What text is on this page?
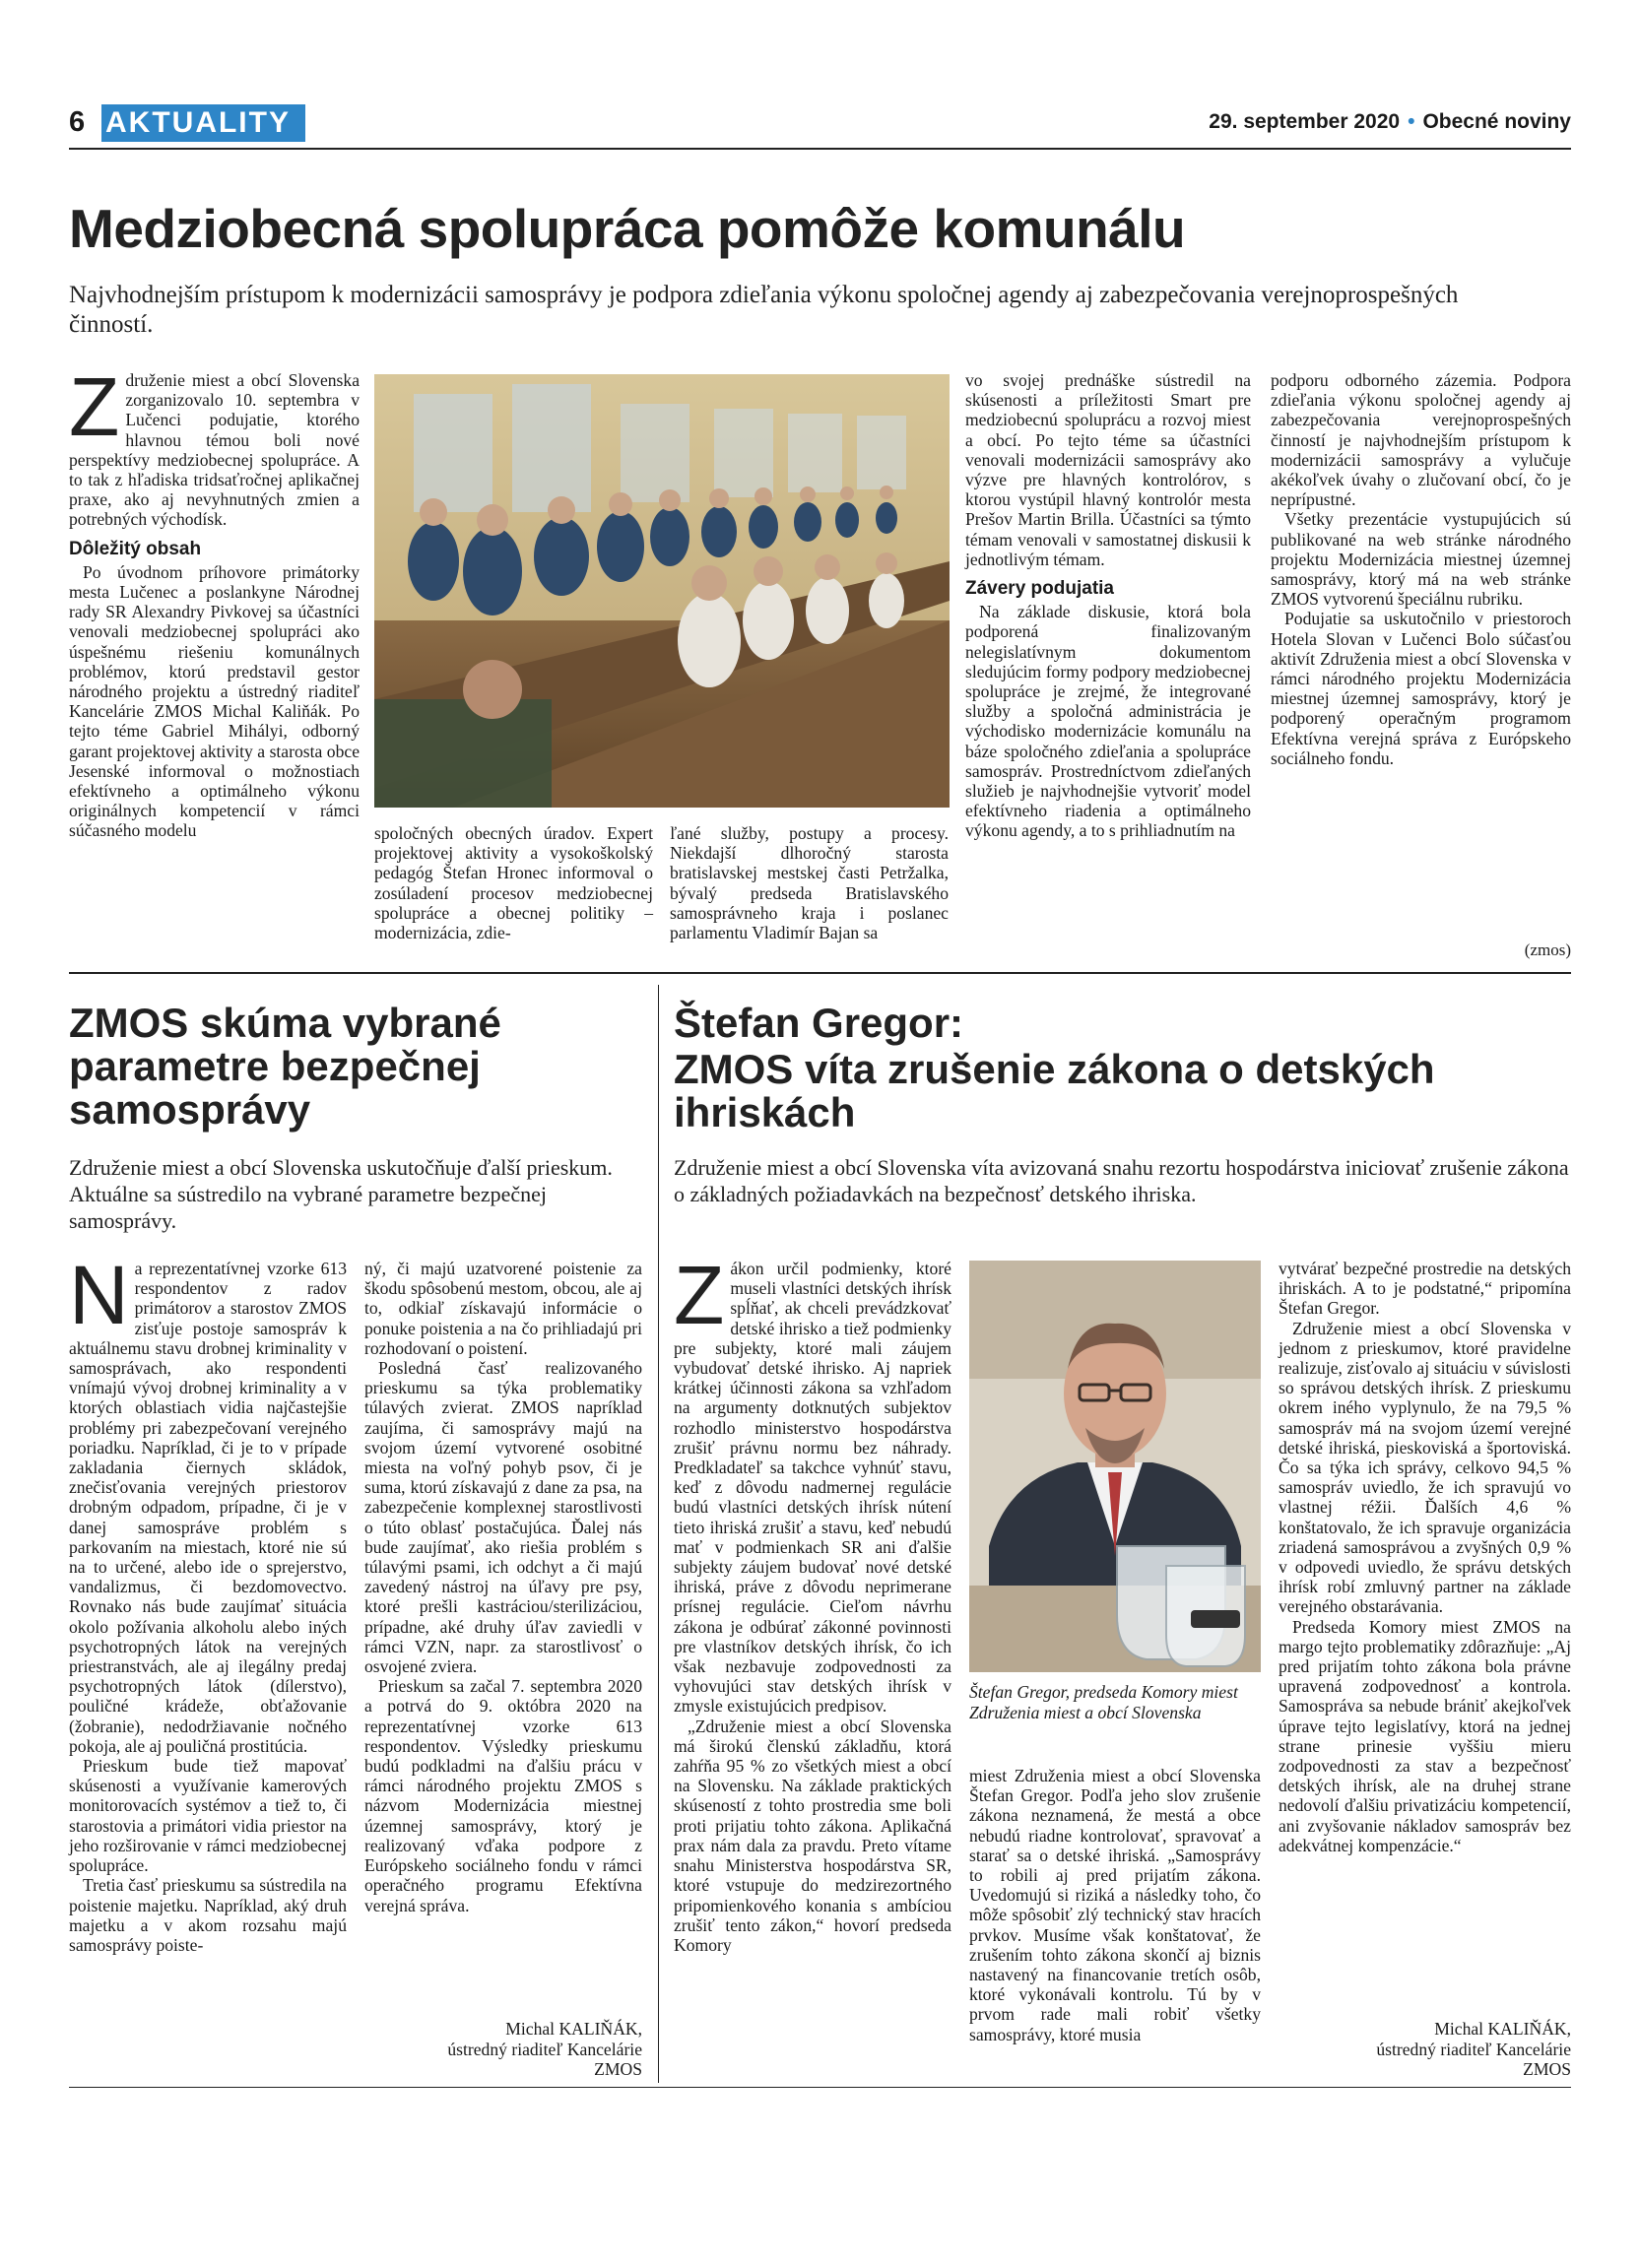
6 AKTUALITY	29. september 2020 • Obecné noviny
Medziobecná spolupráca pomôže komunálu
Najvhodnejším prístupom k modernizácii samosprávy je podpora zdieľania výkonu spoločnej agendy aj zabezpečovania verejnoprospešných činností.

Združenie miest a obcí Slovenska zorganizovalo 10. septembra v Lučenci podujatie, ktorého hlavnou témou boli nové perspektívy medziobecnej spolupráce. A to tak z hľadiska tridsaťročnej aplikačnej praxe, ako aj nevyhnutných zmien a potrebných východísk.

Dôležitý obsah

Po úvodnom príhovore primátorky mesta Lučenec a poslankyne Národnej rady SR Alexandry Pivkovej sa účastníci venovali medziobecnej spolupráci ako úspešnému riešeniu komunálnych problémov, ktorú predstavil gestor národného projektu a ústredný riaditeľ Kancelárie ZMOS Michal Kaliňák. Po tejto téme Gabriel Mihályi, odborný garant projektovej aktivity a starosta obce Jesenské informoval o možnostiach efektívneho a optimálneho výkonu originálnych kompetencií v rámci súčasného modelu	spoločných obecných úradov. Expert projektovej aktivity a vysokoškolský pedagóg Štefan Hronec informoval o zosúladení procesov medziobecnej spolupráce a obecnej politiky – modernizácia, zdie-

ľané služby, postupy a procesy. Niekdajší dlhoročný starosta bratislavskej mestskej časti Petržalka, bývalý predseda Bratislavského samosprávneho kraja i poslanec parlamentu Vladimír Bajan sa

vo svojej prednáške sústredil na skúsenosti a príležitosti Smart pre medziobecnú spoluprácu a rozvoj miest a obcí. Po tejto téme sa účastníci venovali modernizácii samosprávy ako výzve pre hlavných kontrolórov, s ktorou vystúpil hlavný kontrolór mesta Prešov Martin Brilla. Účastníci sa týmto témam venovali v samostatnej diskusii k jednotlivým témam.

Závery podujatia

Na základe diskusie, ktorá bola podporená finalizovaným nelegislatívnym dokumentom sledujúcim formy podpory medziobecnej spolupráce je zrejmé, že integrované služby a spoločná administrácia je východisko modernizácie komunálu na báze spoločného zdieľania a spolupráce samospráv. Prostredníctvom zdieľaných služieb je najvhodnejšie vytvoriť model efektívneho riadenia a optimálneho výkonu agendy, a to s prihliadnutím na

podporu odborného zázemia. Podpora zdieľania výkonu spoločnej agendy aj zabezpečovania verejnoprospešných činností je najvhodnejším prístupom k modernizácii samosprávy a vylučuje akékoľvek úvahy o zlučovaní obcí, čo je neprípustné.

Všetky prezentácie vystupujúcich sú publikované na web stránke národného projektu Modernizácia miestnej územnej samosprávy, ktorý má na web stránke ZMOS vytvorenú špeciálnu rubriku.

Podujatie sa uskutočnilo v priestoroch Hotela Slovan v Lučenci Bolo súčasťou aktivít Združenia miest a obcí Slovenska v rámci národného projektu Modernizácia miestnej územnej samosprávy, ktorý je podporený operačným programom Efektívna verejná správa z Európskeho sociálneho fondu.

(zmos)
ZMOS skúma vybrané parametre bezpečnej samosprávy
Združenie miest a obcí Slovenska uskutočňuje ďalší prieskum. Aktuálne sa sústredilo na vybrané parametre bezpečnej samosprávy.

Na reprezentatívnej vzorke 613 respondentov z radov primátorov a starostov ZMOS zisťuje postoje samospráv k aktuálnemu stavu drobnej kriminality v samosprávach, ako respondenti vnímajú vývoj drobnej kriminality a v ktorých oblastiach vidia najčastejšie problémy pri zabezpečovaní verejného poriadku. Napríklad, či je to v prípade zakladania čiernych skládok, znečisťovania verejných priestorov drobným odpadom, prípadne, či je v danej samospráve problém s parkovaním na miestach, ktoré nie sú na to určené, alebo ide o sprejerstvo, vandalizmus, či bezdomovectvo. Rovnako nás bude zaujímať situácia okolo požívania alkoholu alebo iných psychotropných látok na verejných priestranstvách, ale aj ilegálny predaj psychotropných látok (dílerstvo), pouličné krádeže, obťažovanie (žobranie), nedodržiavanie nočného pokoja, ale aj pouličná prostitúcia.

Prieskum bude tiež mapovať skúsenosti a využívanie kamerových monitorovacích systémov a tiež to, či starostovia a primátori vidia priestor na jeho rozširovanie v rámci medziobecnej spolupráce.

Tretia časť prieskumu sa sústredila na poistenie majetku. Napríklad, aký druh majetku a v akom rozsahu majú samosprávy poiste-

ný, či majú uzatvorené poistenie za škodu spôsobenú mestom, obcou, ale aj to, odkiaľ získavajú informácie o ponuke poistenia a na čo prihliadajú pri rozhodovaní o poistení.

Posledná časť realizovaného prieskumu sa týka problematiky túlavých zvierat. ZMOS napríklad zaujíma, či samosprávy majú na svojom území vytvorené osobitné miesta na voľný pohyb psov, či je suma, ktorú získavajú z dane za psa, na zabezpečenie komplexnej starostlivosti o túto oblasť postačujúca. Ďalej nás bude zaujímať, ako riešia problém s túlavými psami, ich odchyt a či majú zavedený nástroj na úľavy pre psy, ktoré prešli kastráciou/sterilizáciou, prípadne, aké druhy úľav zaviedli v rámci VZN, napr. za starostlivosť o osvojené zviera.

Prieskum sa začal 7. septembra 2020 a potrvá do 9. októbra 2020 na reprezentatívnej vzorke 613 respondentov. Výsledky prieskumu budú podkladmi na ďalšiu prácu v rámci národného projektu ZMOS s názvom Modernizácia miestnej územnej samosprávy, ktorý je realizovaný vďaka podpore z Európskeho sociálneho fondu v rámci operačného programu Efektívna verejná správa.

Michal KALIŇÁK,
ústredný riaditeľ Kancelárie
ZMOS
Štefan Gregor:
ZMOS víta zrušenie zákona o detských ihriskách
Združenie miest a obcí Slovenska víta avizovaná snahu rezortu hospodárstva iniciovať zrušenie zákona o základných požiadavkách na bezpečnosť detského ihriska.

Zákon určil podmienky, ktoré museli vlastníci detských ihrísk spĺňať, ak chceli prevádzkovať detské ihrisko a tiež podmienky pre subjekty, ktoré mali záujem vybudovať detské ihrisko. Aj napriek krátkej účinnosti zákona sa vzhľadom na argumenty dotknutých subjektov rozhodlo ministerstvo hospodárstva zrušiť právnu normu bez náhrady. Predkladateľ sa takchce vyhnúť stavu, keď z dôvodu nadmernej regulácie budú vlastníci detských ihrísk nútení tieto ihriská zrušiť a stavu, keď nebudú mať v podmienkach SR ani ďalšie subjekty záujem budovať nové detské ihriská, práve z dôvodu neprimerane prísnej regulácie. Cieľom návrhu zákona je odbúrať zákonné povinnosti pre vlastníkov detských ihrísk, čo ich však nezbavuje zodpovednosti za vyhovujúci stav detských ihrísk v zmysle existujúcich predpisov.

„Združenie miest a obcí Slovenska má širokú členskú základňu, ktorá zahŕňa 95 % zo všetkých miest a obcí na Slovensku. Na základe praktických skúseností z tohto prostredia sme boli proti prijatiu tohto zákona. Aplikačná prax nám dala za pravdu. Preto vítame snahu Ministerstva hospodárstva SR, ktoré vstupuje do medzirezortného pripomienkového konania s ambíciou zrušiť tento zákon,“ hovorí predseda Komory

Štefan Gregor, predseda Komory miest Združenia miest a obcí Slovenska

miest Združenia miest a obcí Slovenska Štefan Gregor. Podľa jeho slov zrušenie zákona neznamená, že mestá a obce nebudú riadne kontrolovať, spravovať a starať sa o detské ihriská. „Samosprávy to robili aj pred prijatím zákona. Uvedomujú si riziká a následky toho, čo môže spôsobiť zlý technický stav hracích prvkov. Musíme však konštatovať, že zrušením tohto zákona skončí aj biznis nastavený na financovanie tretích osôb, ktoré vykonávali kontrolu. Tú by v prvom rade mali robiť všetky samosprávy, ktoré musia

vytvárať bezpečné prostredie na detských ihriskách. A to je podstatné,“ pripomína Štefan Gregor.

Združenie miest a obcí Slovenska v jednom z prieskumov, ktoré pravidelne realizuje, zisťovalo aj situáciu v súvislosti so správou detských ihrísk. Z prieskumu okrem iného vyplynulo, že na 79,5 % samospráv má na svojom území verejné detské ihriská, pieskoviská a športoviská. Čo sa týka ich správy, celkovo 94,5 % samospráv uviedlo, že ich spravujú vo vlastnej réžii. Ďalších 4,6 % konštatovalo, že ich spravuje organizácia zriadená samosprávou a zvyšných 0,9 % v odpovedi uviedlo, že správu detských ihrísk robí zmluvný partner na základe verejného obstarávania.

Predseda Komory miest ZMOS na margo tejto problematiky zdôrazňuje: „Aj pred prijatím tohto zákona bola právne upravená zodpovednosť a kontrola. Samospráva sa nebude brániť akejkoľvek úprave tejto legislatívy, ktorá na jednej strane prinesie vyššiu mieru zodpovednosti za stav a bezpečnosť detských ihrísk, ale na druhej strane nedovolí ďalšiu privatizáciu kompetencií, ani zvyšovanie nákladov samospráv bez adekvátnej kompenzácie.“

Michal KALIŇÁK,
ústredný riaditeľ Kancelárie
ZMOS
